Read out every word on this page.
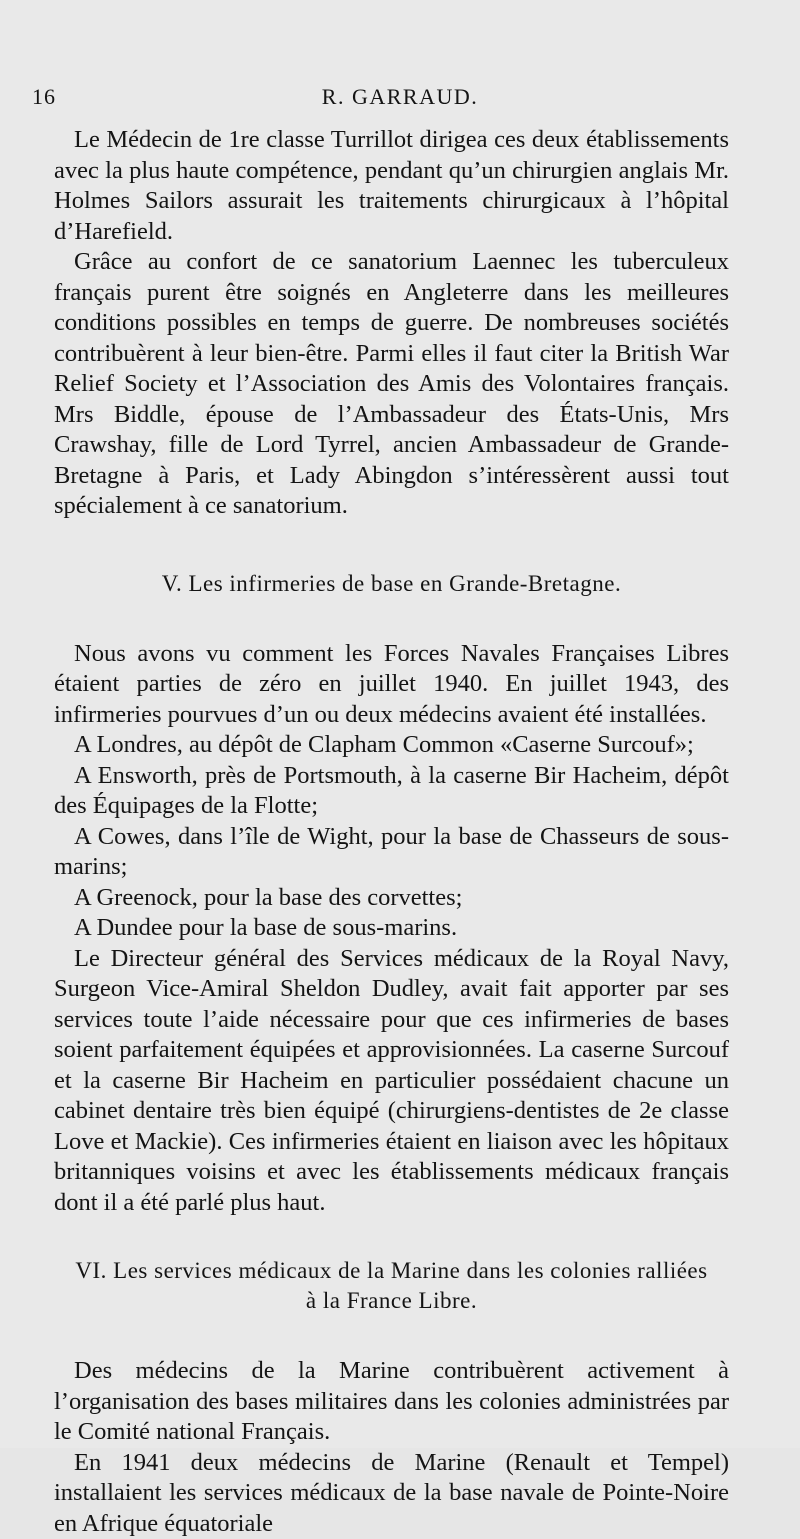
16	R. GARRAUD.

Le Médecin de 1re classe Turrillot dirigea ces deux établissements avec la plus haute compétence, pendant qu’un chirurgien anglais Mr. Holmes Sailors assurait les traitements chirurgicaux à l’hôpital d’Harefield.

Grâce au confort de ce sanatorium Laennec les tuberculeux français purent être soignés en Angleterre dans les meilleures conditions possibles en temps de guerre. De nombreuses sociétés contribuèrent à leur bien-être. Parmi elles il faut citer la British War Relief Society et l’Association des Amis des Volontaires français. Mrs Biddle, épouse de l’Ambassadeur des États-Unis, Mrs Crawshay, fille de Lord Tyrrel, ancien Ambassadeur de Grande-Bretagne à Paris, et Lady Abingdon s’intéressèrent aussi tout spécialement à ce sanatorium.

V. Les infirmeries de base en Grande-Bretagne.

Nous avons vu comment les Forces Navales Françaises Libres étaient parties de zéro en juillet 1940. En juillet 1943, des infirmeries pourvues d’un ou deux médecins avaient été installées.

A Londres, au dépôt de Clapham Common «Caserne Surcouf»;

A Ensworth, près de Portsmouth, à la caserne Bir Hacheim, dépôt des Équipages de la Flotte;

A Cowes, dans l’île de Wight, pour la base de Chasseurs de sous-marins;

A Greenock, pour la base des corvettes;

A Dundee pour la base de sous-marins.

Le Directeur général des Services médicaux de la Royal Navy, Surgeon Vice-Amiral Sheldon Dudley, avait fait apporter par ses services toute l’aide nécessaire pour que ces infirmeries de bases soient parfaitement équipées et approvisionnées. La caserne Surcouf et la caserne Bir Hacheim en particulier possédaient chacune un cabinet dentaire très bien équipé (chirurgiens-dentistes de 2e classe Love et Mackie). Ces infirmeries étaient en liaison avec les hôpitaux britanniques voisins et avec les établissements médicaux français dont il a été parlé plus haut.

VI. Les services médicaux de la Marine dans les colonies ralliées
à la France Libre.

Des médecins de la Marine contribuèrent activement à l’organisation des bases militaires dans les colonies administrées par le Comité national Français.

En 1941 deux médecins de Marine (Renault et Tempel) installaient les services médicaux de la base navale de Pointe-Noire en Afrique équatoriale
